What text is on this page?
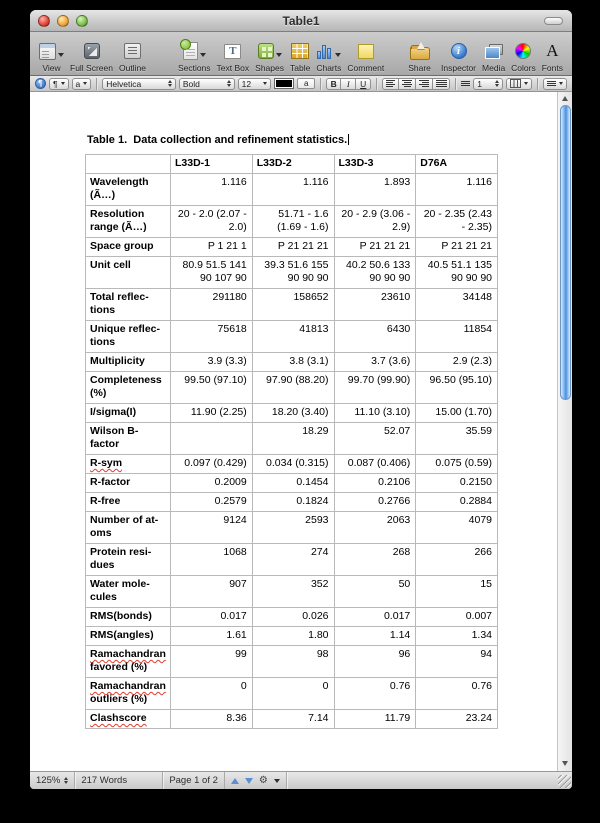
Table1
View Full Screen Outline	Sections
T
Text Box Shapes Table Charts Comment	Share
i
Inspector Media Colors
A
Fonts
¶	¶ a	Helvetica	Bold	12	a	B	I	U	1
Table 1.  Data collection and refinement statistics.
	L33D-1	L33D-2	L33D-3	D76A
Wavelength (Ã…)	1.116	1.116	1.893	1.116
Resolution range (Ã…)	20 - 2.0 (2.07 - 2.0)	51.71 - 1.6 (1.69 - 1.6)	20 - 2.9 (3.06 - 2.9)	20 - 2.35 (2.43 - 2.35)
Space group	P 1 21 1	P 21 21 21	P 21 21 21	P 21 21 21
Unit cell	80.9 51.5 141 90 107 90	39.3 51.6 155 90 90 90	40.2 50.6 133 90 90 90	40.5 51.1 135 90 90 90
Total reflec-tions	291180	158652	23610	34148
Unique reflec-tions	75618	41813	6430	11854
Multiplicity	3.9 (3.3)	3.8 (3.1)	3.7 (3.6)	2.9 (2.3)
Completeness (%)	99.50 (97.10)	97.90 (88.20)	99.70 (99.90)	96.50 (95.10)
I/sigma(I)	11.90 (2.25)	18.20 (3.40)	11.10 (3.10)	15.00 (1.70)
Wilson B-factor		18.29	52.07	35.59
R-sym	0.097 (0.429)	0.034 (0.315)	0.087 (0.406)	0.075 (0.59)
R-factor	0.2009	0.1454	0.2106	0.2150
R-free	0.2579	0.1824	0.2766	0.2884
Number of at-oms	9124	2593	2063	4079
Protein resi-dues	1068	274	268	266
Water mole-cules	907	352	50	15
RMS(bonds)	0.017	0.026	0.017	0.007
RMS(angles)	1.61	1.80	1.14	1.34
Ramachandran favored (%)	99	98	96	94
Ramachandran outliers (%)	0	0	0.76	0.76
Clashscore	8.36	7.14	11.79	23.24
125% 217 Words	Page 1 of 2	⚙
